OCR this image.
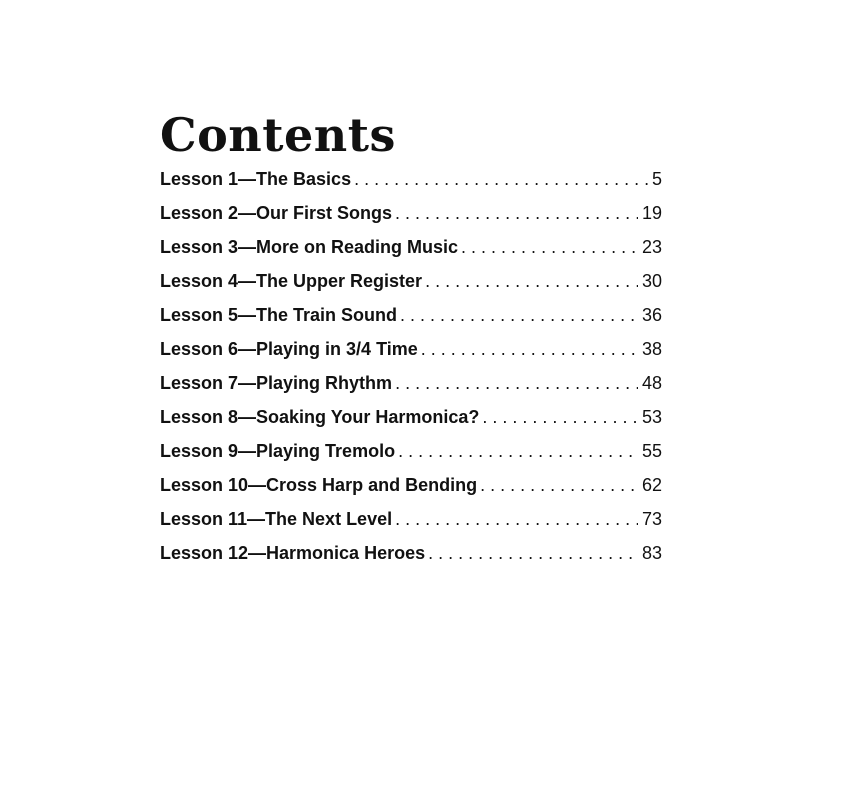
Contents
Lesson 1—The Basics . . .	5
Lesson 2—Our First Songs . . .	19
Lesson 3—More on Reading Music . . .	23
Lesson 4—The Upper Register . . .	30
Lesson 5—The Train Sound . . .	36
Lesson 6—Playing in 3/4 Time . . .	38
Lesson 7—Playing Rhythm . . .	48
Lesson 8—Soaking Your Harmonica? . . .	53
Lesson 9—Playing Tremolo . . .	55
Lesson 10—Cross Harp and Bending . . .	62
Lesson 11—The Next Level . . .	73
Lesson 12—Harmonica Heroes . . .	83
